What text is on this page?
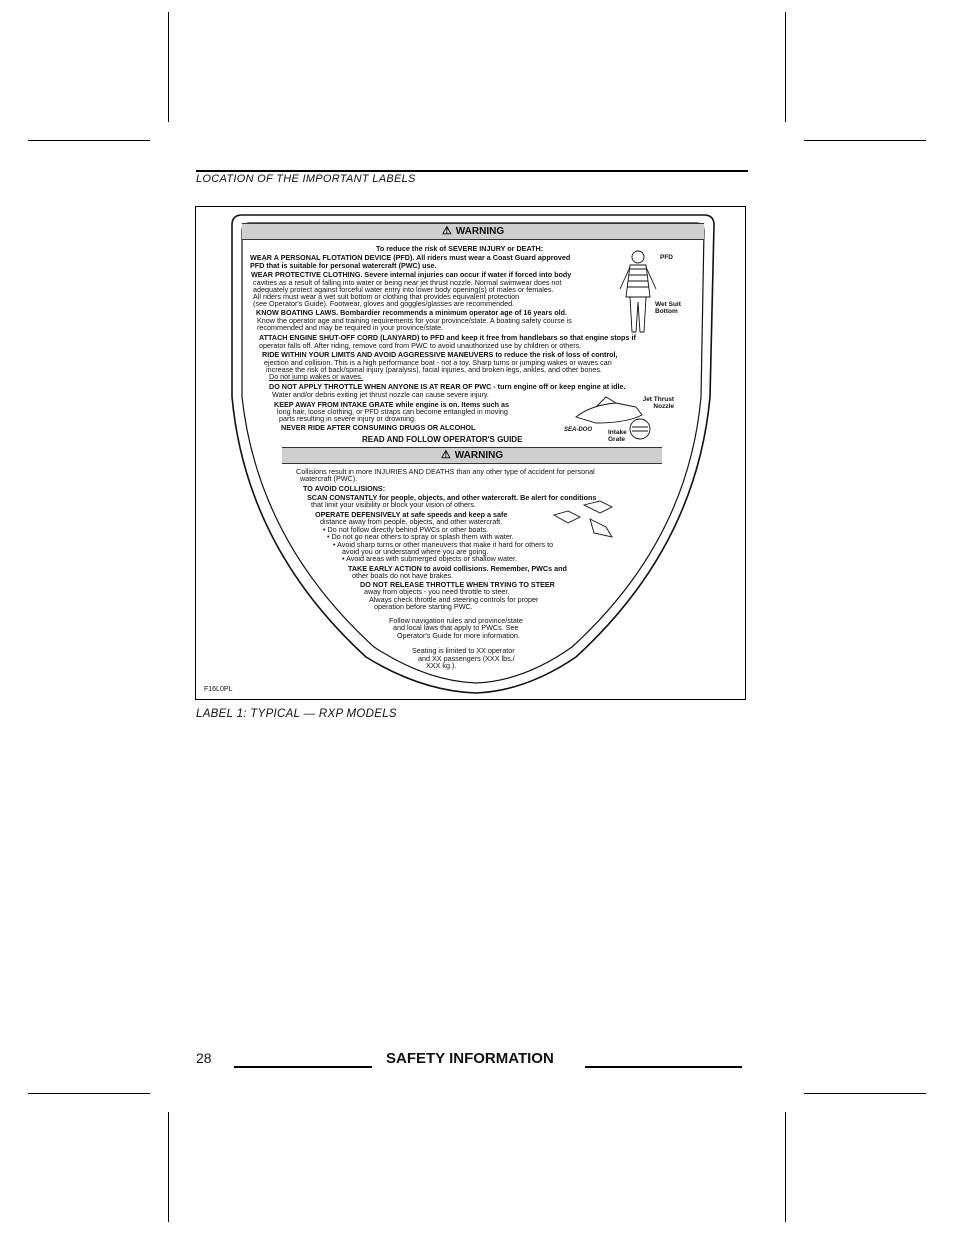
LOCATION OF THE IMPORTANT LABELS
⚠ WARNING
To reduce the risk of SEVERE INJURY or DEATH:
WEAR A PERSONAL FLOTATION DEVICE (PFD). All riders must wear a Coast Guard approved
PFD that is suitable for personal watercraft (PWC) use.
WEAR PROTECTIVE CLOTHING. Severe internal injuries can occur if water if forced into body
cavities as a result of falling into water or being near jet thrust nozzle. Normal swimwear does not
adequately protect against forceful water entry into lower body opening(s) of males or females.
All riders must wear a wet suit bottom or clothing that provides equivalent protection
(see Operator's Guide). Footwear, gloves and goggles/glasses are recommended.
KNOW BOATING LAWS. Bombardier recommends a minimum operator age of 16 years old.
Know the operator age and training requirements for your province/state. A boating safety course is
recommended and may be required in your province/state.
ATTACH ENGINE SHUT-OFF CORD (LANYARD) to PFD and keep it free from handlebars so that engine stops if
operator falls off. After riding, remove cord from PWC to avoid unauthorized use by children or others.
RIDE WITHIN YOUR LIMITS AND AVOID AGGRESSIVE MANEUVERS to reduce the risk of loss of control,
ejection and collision. This is a high performance boat - not a toy. Sharp turns or jumping wakes or waves can
increase the risk of back/spinal injury (paralysis), facial injuries, and broken legs, ankles, and other bones.
Do not jump wakes or waves.
DO NOT APPLY THROTTLE WHEN ANYONE IS AT REAR OF PWC - turn engine off or keep engine at idle.
Water and/or debris exiting jet thrust nozzle can cause severe injury.
KEEP AWAY FROM INTAKE GRATE while engine is on. Items such as
long hair, loose clothing, or PFD straps can become entangled in moving
parts resulting in severe injury or drowning.
NEVER RIDE AFTER CONSUMING DRUGS OR ALCOHOL
READ AND FOLLOW OPERATOR'S GUIDE
PFD
Wet Suit Bottom
Jet Thrust Nozzle
Intake Grate
SEA-DOO
⚠ WARNING
Collisions result in more INJURIES AND DEATHS than any other type of accident for personal
watercraft (PWC).
TO AVOID COLLISIONS:
SCAN CONSTANTLY for people, objects, and other watercraft. Be alert for conditions
that limit your visibility or block your vision of others.
OPERATE DEFENSIVELY at safe speeds and keep a safe
distance away from people, objects, and other watercraft.
• Do not follow directly behind PWCs or other boats.
• Do not go near others to spray or splash them with water.
• Avoid sharp turns or other maneuvers that make it hard for others to
avoid you or understand where you are going.
• Avoid areas with submerged objects or shallow water.
TAKE EARLY ACTION to avoid collisions. Remember, PWCs and
other boats do not have brakes.
DO NOT RELEASE THROTTLE WHEN TRYING TO STEER
away from objects - you need throttle to steer.
Always check throttle and steering controls for proper
operation before starting PWC.
Follow navigation rules and province/state
and local laws that apply to PWCs. See
Operator's Guide for more information.
Seating is limited to XX operator
and XX passengers (XXX lbs./
XXX kg.).
F16L0PL
LABEL 1: TYPICAL — RXP MODELS
28	SAFETY INFORMATION
